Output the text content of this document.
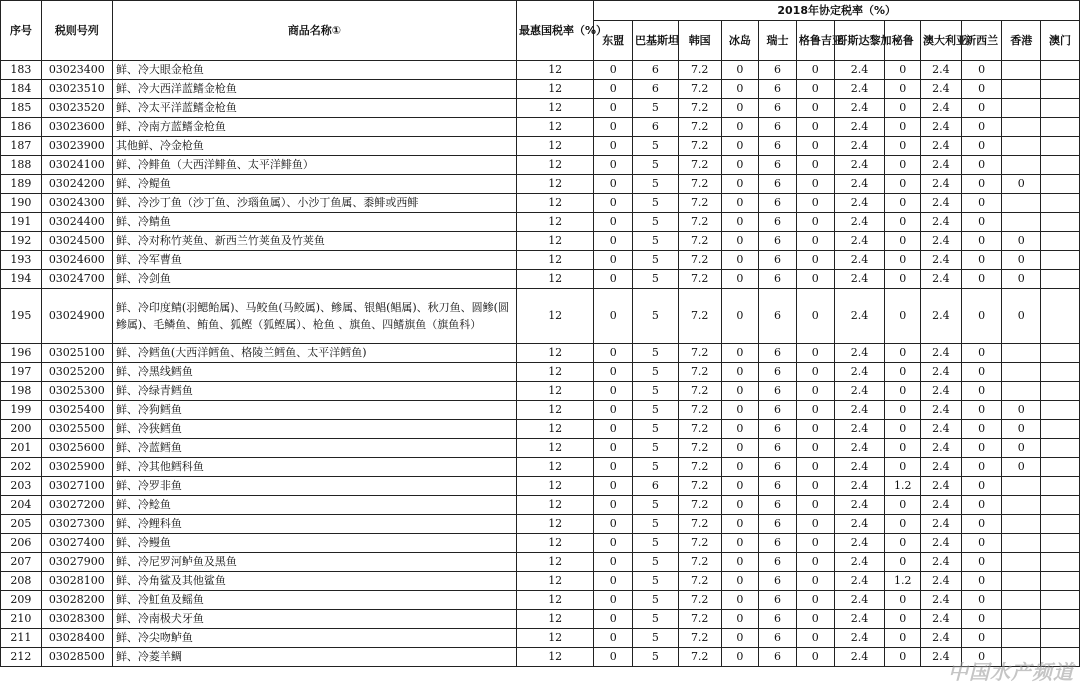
序号	税则号列	商品名称①	最惠国税率（%）	2018年协定税率（%）											
				东盟	巴基斯坦	韩国	冰岛	瑞士	格鲁吉亚	哥斯达黎加	秘鲁	澳大利亚	新西兰	香港	澳门
183	03023400	鲜、冷大眼金枪鱼	12	0	6	7.2	0	6	0	2.4	0	2.4	0		
184	03023510	鲜、冷大西洋蓝鳍金枪鱼	12	0	6	7.2	0	6	0	2.4	0	2.4	0		
185	03023520	鲜、冷太平洋蓝鳍金枪鱼	12	0	5	7.2	0	6	0	2.4	0	2.4	0		
186	03023600	鲜、冷南方蓝鳍金枪鱼	12	0	6	7.2	0	6	0	2.4	0	2.4	0		
187	03023900	其他鲜、冷金枪鱼	12	0	5	7.2	0	6	0	2.4	0	2.4	0		
188	03024100	鲜、冷鲱鱼（大西洋鲱鱼、太平洋鲱鱼）	12	0	5	7.2	0	6	0	2.4	0	2.4	0		
189	03024200	鲜、冷鳀鱼	12	0	5	7.2	0	6	0	2.4	0	2.4	0	0	
190	03024300	鲜、冷沙丁鱼（沙丁鱼、沙瑙鱼属）、小沙丁鱼属、黍鲱或西鲱	12	0	5	7.2	0	6	0	2.4	0	2.4	0		
191	03024400	鲜、冷鲭鱼	12	0	5	7.2	0	6	0	2.4	0	2.4	0		
192	03024500	鲜、冷对称竹荚鱼、新西兰竹荚鱼及竹荚鱼	12	0	5	7.2	0	6	0	2.4	0	2.4	0	0	
193	03024600	鲜、冷军曹鱼	12	0	5	7.2	0	6	0	2.4	0	2.4	0	0	
194	03024700	鲜、冷剑鱼	12	0	5	7.2	0	6	0	2.4	0	2.4	0	0	
195	03024900	鲜、冷印度鲭(羽鳃鲐属)、马鲛鱼(马鲛属)、鲹属、银鲳(鲳属)、秋刀鱼、圆鲹(圆鲹属)、毛鳞鱼、鲔鱼、狐鲣（狐鲣属）、枪鱼 、旗鱼、四鳍旗鱼（旗鱼科）	12	0	5	7.2	0	6	0	2.4	0	2.4	0	0	
196	03025100	鲜、冷鳕鱼(大西洋鳕鱼、格陵兰鳕鱼、太平洋鳕鱼)	12	0	5	7.2	0	6	0	2.4	0	2.4	0		
197	03025200	鲜、冷黑线鳕鱼	12	0	5	7.2	0	6	0	2.4	0	2.4	0		
198	03025300	鲜、冷绿青鳕鱼	12	0	5	7.2	0	6	0	2.4	0	2.4	0		
199	03025400	鲜、冷狗鳕鱼	12	0	5	7.2	0	6	0	2.4	0	2.4	0	0	
200	03025500	鲜、冷狭鳕鱼	12	0	5	7.2	0	6	0	2.4	0	2.4	0	0	
201	03025600	鲜、冷蓝鳕鱼	12	0	5	7.2	0	6	0	2.4	0	2.4	0	0	
202	03025900	鲜、冷其他鳕科鱼	12	0	5	7.2	0	6	0	2.4	0	2.4	0	0	
203	03027100	鲜、冷罗非鱼	12	0	6	7.2	0	6	0	2.4	1.2	2.4	0		
204	03027200	鲜、冷鲶鱼	12	0	5	7.2	0	6	0	2.4	0	2.4	0		
205	03027300	鲜、冷鲤科鱼	12	0	5	7.2	0	6	0	2.4	0	2.4	0		
206	03027400	鲜、冷鳗鱼	12	0	5	7.2	0	6	0	2.4	0	2.4	0		
207	03027900	鲜、冷尼罗河鲈鱼及黑鱼	12	0	5	7.2	0	6	0	2.4	0	2.4	0		
208	03028100	鲜、冷角鲨及其他鲨鱼	12	0	5	7.2	0	6	0	2.4	1.2	2.4	0		
209	03028200	鲜、冷魟鱼及鳐鱼	12	0	5	7.2	0	6	0	2.4	0	2.4	0		
210	03028300	鲜、冷南极犬牙鱼	12	0	5	7.2	0	6	0	2.4	0	2.4	0		
211	03028400	鲜、冷尖吻鲈鱼	12	0	5	7.2	0	6	0	2.4	0	2.4	0		
212	03028500	鲜、冷菱羊鲷	12	0	5	7.2	0	6	0	2.4	0	2.4	0		
中国水产频道
